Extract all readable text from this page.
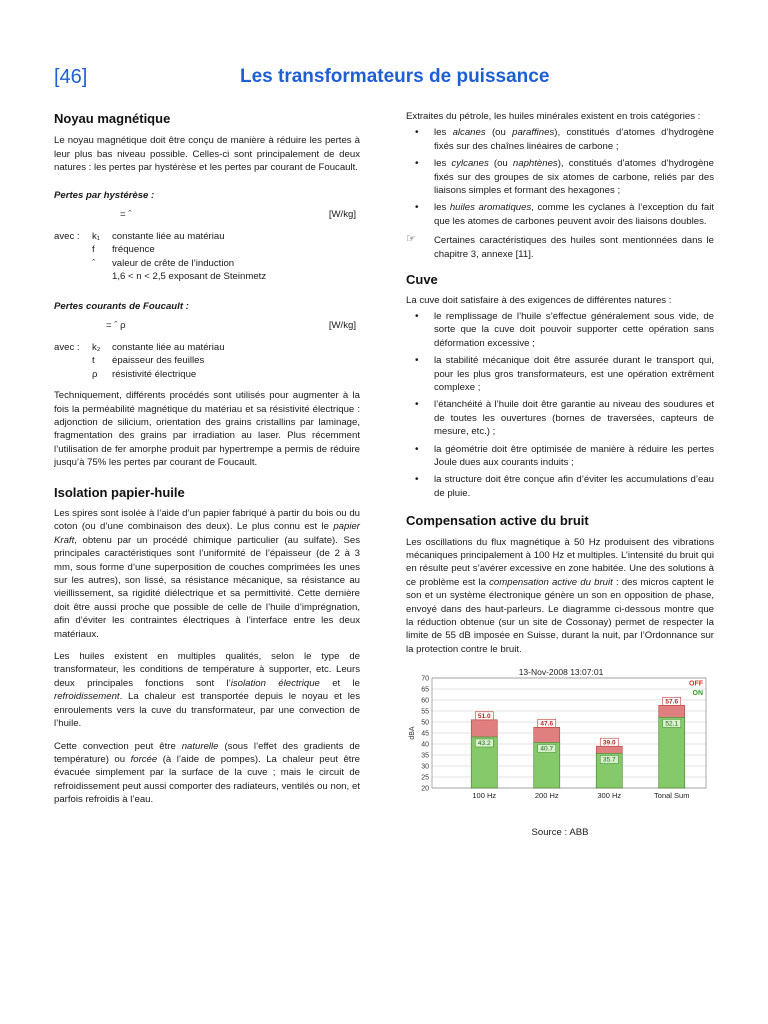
[46]	Les transformateurs de puissance
Noyau magnétique

Le noyau magnétique doit être conçu de manière à réduire les pertes à leur plus bas niveau possible. Celles-ci sont principalement de deux natures : les pertes par hystérèse et les pertes par courant de Foucault.

Pertes par hystérèse :
= ˆ	[W/kg]
avec :	k₁	constante liée au matériau
f	fréquence
ˆ	valeur de crête de l’induction
1,6 < n < 2,5 exposant de Steinmetz
Pertes courants de Foucault :
= ˆ ρ	[W/kg]
avec :	k₂	constante liée au matériau
t	épaisseur des feuilles
ρ	résistivité électrique

Techniquement, différents procédés sont utilisés pour augmenter à la fois la perméabilité magnétique du matériau et sa résistivité électrique : adjonction de silicium, orientation des grains cristallins par laminage, fragmentation des grains par irradiation au laser. Plus récemment l’utilisation de fer amorphe produit par hypertrempe a permis de réduire jusqu’à 75% les pertes par courant de Foucault.

Isolation papier-huile

Les spires sont isolée à l’aide d’un papier fabriqué à partir du bois ou du coton (ou d’une combinaison des deux). Le plus connu est le papier Kraft, obtenu par un procédé chimique particulier (au sulfate). Ses principales caractéristiques sont l’uniformité de l’épaisseur (de 2 à 3 mm, sous forme d’une superposition de couches comprimées les unes sur les autres), son lissé, sa résistance mécanique, sa résistance au vieillissement, sa rigidité diélectrique et sa permittivité. Cette dernière doit être aussi proche que possible de celle de l’huile d’imprégnation, afin d’éviter les contraintes électriques à l’interface entre les deux matériaux.

Les huiles existent en multiples qualités, selon le type de transformateur, les conditions de température à supporter, etc. Leurs deux principales fonctions sont l’isolation électrique et le refroidissement. La chaleur est transportée depuis le noyau et les enroulements vers la cuve du transformateur, par une convection de l’huile.

Cette convection peut être naturelle (sous l’effet des gradients de température) ou forcée (à l’aide de pompes). La chaleur peut être évacuée simplement par la surface de la cuve ; mais le circuit de refroidissement peut aussi comporter des radiateurs, ventilés ou non, et parfois refroidis à l’eau.

Extraites du pétrole, les huiles minérales existent en trois catégories :

• les alcanes (ou paraffines), constitués d’atomes d’hydrogène fixés sur des chaînes linéaires de carbone ;
• les cylcanes (ou naphtènes), constitués d’atomes d’hydrogène fixés sur des groupes de six atomes de carbone, reliés par des liaisons simples et formant des hexagones ;
• les huiles aromatiques, comme les cyclanes à l’exception du fait que les atomes de carbones peuvent avoir des liaisons doubles.
☞ Certaines caractéristiques des huiles sont mentionnées dans le chapitre 3, annexe [11].
Cuve

La cuve doit satisfaire à des exigences de différentes natures :

• le remplissage de l’huile s’effectue généralement sous vide, de sorte que la cuve doit pouvoir supporter cette opération sans déformation excessive ;
• la stabilité mécanique doit être assurée durant le transport qui, pour les plus gros transformateurs, est une opération extrêment complexe ;
• l’étanchéité à l’huile doit être garantie au niveau des soudures et de toutes les ouvertures (bornes de traversées, capteurs de mesure, etc.) ;
• la géométrie doit être optimisée de manière à réduire les pertes Joule dues aux courants induits ;
• la structure doit être conçue afin d’éviter les accumulations d’eau de pluie.
Compensation active du bruit

Les oscillations du flux magnétique à 50 Hz produisent des vibrations mécaniques principalement à 100 Hz et multiples. L’intensité du bruit qui en résulte peut s’avérer excessive en zone habitée. Une des solutions à ce problème est la compensation active du bruit : des micros captent le son et un système électronique génère un son en opposition de phase, envoyé dans des haut-parleurs. Le diagramme ci-dessous montre que la réduction obtenue (sur un site de Cossonay) permet de respecter la limite de 55 dB imposée en Suisse, durant la nuit, par l’Ordonnance sur la protection contre le bruit.

13-Nov-2008 13:07:01
20
25
30
35
40
45
50
55
60
65
70
dBA
51.0
43.2
100 Hz
47.6
40.7
200 Hz
39.0
35.7
300 Hz
57.6
52.1
Tonal Sum
OFF
ON
Source : ABB
